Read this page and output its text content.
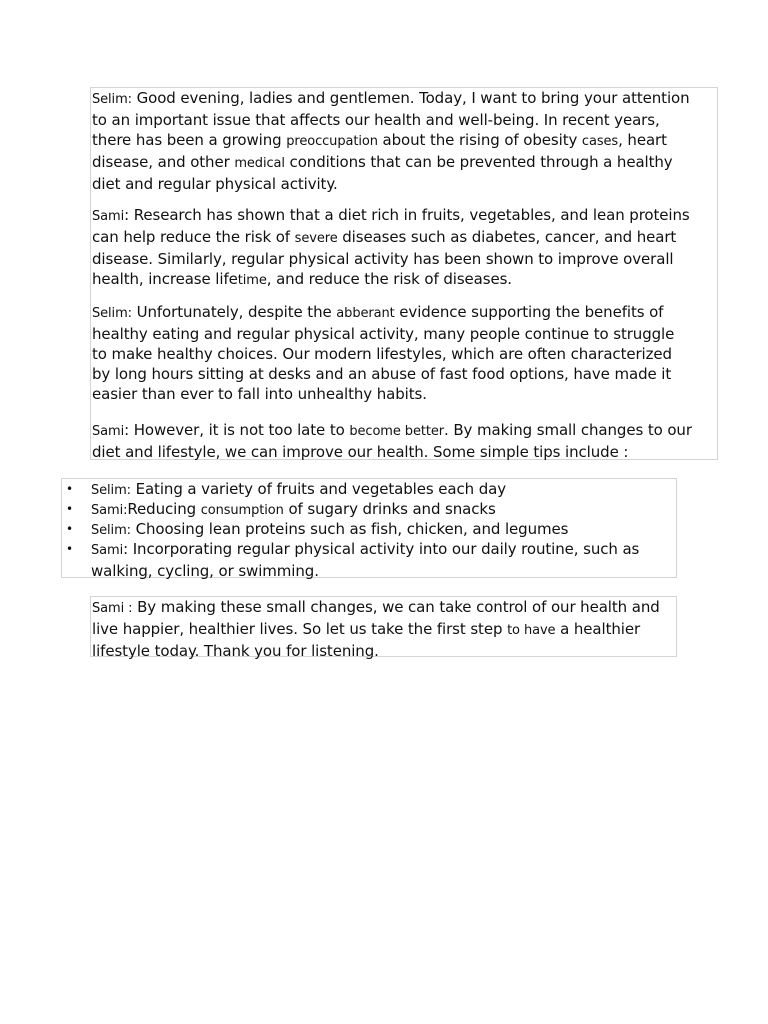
Selim: Good evening, ladies and gentlemen. Today, I want to bring your attention to an important issue that affects our health and well-being. In recent years, there has been a growing preoccupation about the rising of obesity cases, heart disease, and other medical conditions that can be prevented through a healthy diet and regular physical activity.

Sami: Research has shown that a diet rich in fruits, vegetables, and lean proteins can help reduce the risk of severe diseases such as diabetes, cancer, and heart disease. Similarly, regular physical activity has been shown to improve overall health, increase lifetime, and reduce the risk of diseases.

Selim: Unfortunately, despite the abberant evidence supporting the benefits of healthy eating and regular physical activity, many people continue to struggle to make healthy choices. Our modern lifestyles, which are often characterized by long hours sitting at desks and an abuse of fast food options, have made it easier than ever to fall into unhealthy habits.

Sami: However, it is not too late to become better. By making small changes to our diet and lifestyle, we can improve our health. Some simple tips include :

• Selim: Eating a variety of fruits and vegetables each day
• Sami:Reducing consumption of sugary drinks and snacks
• Selim: Choosing lean proteins such as fish, chicken, and legumes
• Sami: Incorporating regular physical activity into our daily routine, such as walking, cycling, or swimming.

Sami : By making these small changes, we can take control of our health and live happier, healthier lives. So let us take the first step to have a healthier lifestyle today. Thank you for listening.
